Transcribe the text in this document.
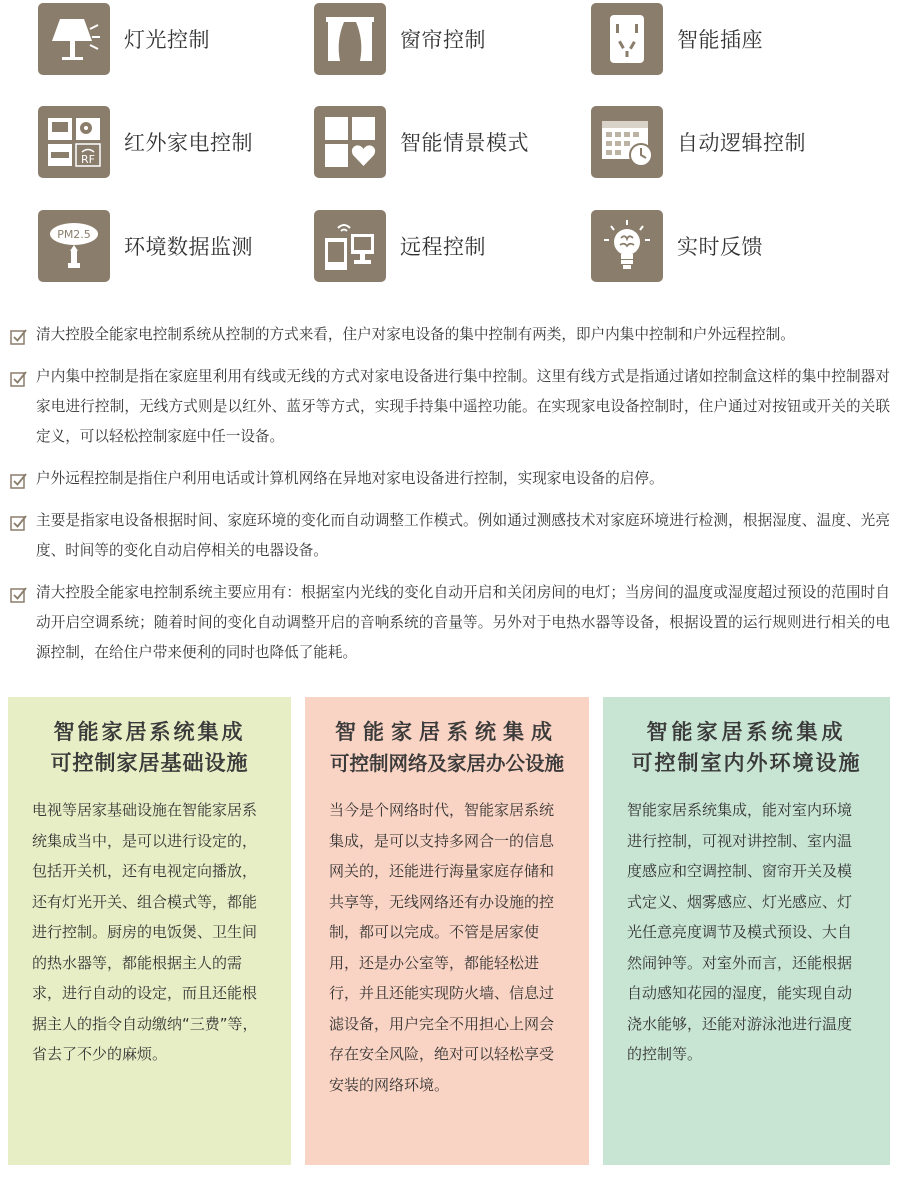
灯光控制	窗帘控制	智能插座
RF
红外家电控制	智能情景模式	自动逻辑控制
PM2.5
环境数据监测	远程控制	实时反馈

清大控股全能家电控制系统从控制的方式来看，住户对家电设备的集中控制有两类，即户内集中控制和户外远程控制。

户内集中控制是指在家庭里利用有线或无线的方式对家电设备进行集中控制。这里有线方式是指通过诸如控制盒这样的集中控制器对家电进行控制，无线方式则是以红外、蓝牙等方式，实现手持集中遥控功能。在实现家电设备控制时，住户通过对按钮或开关的关联定义，可以轻松控制家庭中任一设备。

户外远程控制是指住户利用电话或计算机网络在异地对家电设备进行控制，实现家电设备的启停。

主要是指家电设备根据时间、家庭环境的变化而自动调整工作模式。例如通过测感技术对家庭环境进行检测，根据湿度、温度、光亮度、时间等的变化自动启停相关的电器设备。

清大控股全能家电控制系统主要应用有：根据室内光线的变化自动开启和关闭房间的电灯；当房间的温度或湿度超过预设的范围时自动开启空调系统；随着时间的变化自动调整开启的音响系统的音量等。另外对于电热水器等设备，根据设置的运行规则进行相关的电源控制，在给住户带来便利的同时也降低了能耗。

智能家居系统集成
可控制家居基础设施

电视等居家基础设施在智能家居系统集成当中，是可以进行设定的，包括开关机，还有电视定向播放，还有灯光开关、组合模式等，都能进行控制。厨房的电饭煲、卫生间的热水器等，都能根据主人的需求，进行自动的设定，而且还能根据主人的指令自动缴纳“三费”等，省去了不少的麻烦。

智能家居系统集成
可控制网络及家居办公设施

当今是个网络时代，智能家居系统集成，是可以支持多网合一的信息网关的，还能进行海量家庭存储和共享等，无线网络还有办设施的控制，都可以完成。不管是居家使用，还是办公室等，都能轻松进行，并且还能实现防火墙、信息过滤设备，用户完全不用担心上网会存在安全风险，绝对可以轻松享受安装的网络环境。

智能家居系统集成
可控制室内外环境设施

智能家居系统集成，能对室内环境进行控制，可视对讲控制、室内温度感应和空调控制、窗帘开关及模式定义、烟雾感应、灯光感应、灯光任意亮度调节及模式预设、大自然闹钟等。对室外而言，还能根据自动感知花园的湿度，能实现自动浇水能够，还能对游泳池进行温度的控制等。
